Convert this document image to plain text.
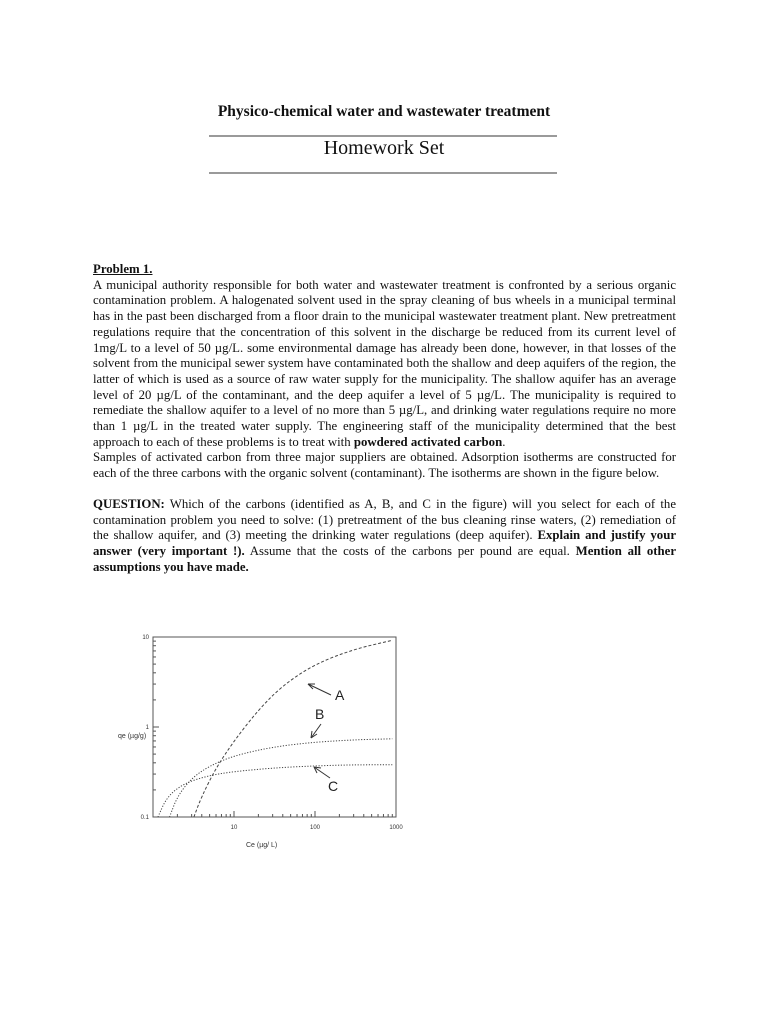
Physico-chemical water and wastewater treatment
Homework Set

Problem 1.

A municipal authority responsible for both water and wastewater treatment is confronted by a serious organic contamination problem. A halogenated solvent used in the spray cleaning of bus wheels in a municipal terminal has in the past been discharged from a floor drain to the municipal wastewater treatment plant. New pretreatment regulations require that the concentration of this solvent in the discharge be reduced from its current level of 1mg/L to a level of 50 µg/L. some environmental damage has already been done, however, in that losses of the solvent from the municipal sewer system have contaminated both the shallow and deep aquifers of the region, the latter of which is used as a source of raw water supply for the municipality. The shallow aquifer has an average level of 20 µg/L of the contaminant, and the deep aquifer a level of 5 µg/L. The municipality is required to remediate the shallow aquifer to a level of no more than 5 µg/L, and drinking water regulations require no more than 1 µg/L in the treated water supply. The engineering staff of the municipality determined that the best approach to each of these problems is to treat with powdered activated carbon.

Samples of activated carbon from three major suppliers are obtained. Adsorption isotherms are constructed for each of the three carbons with the organic solvent (contaminant). The isotherms are shown in the figure below.

QUESTION: Which of the carbons (identified as A, B, and C in the figure) will you select for each of the contamination problem you need to solve: (1) pretreatment of the bus cleaning rinse waters, (2) remediation of the shallow aquifer, and (3) meeting the drinking water regulations (deep aquifer). Explain and justify your answer (very important !). Assume that the costs of the carbons per pound are equal. Mention all other assumptions you have made.

0.1
1
10
10	100	1000
A
B
C
qe (µg/g)
Ce (µg/ L)
